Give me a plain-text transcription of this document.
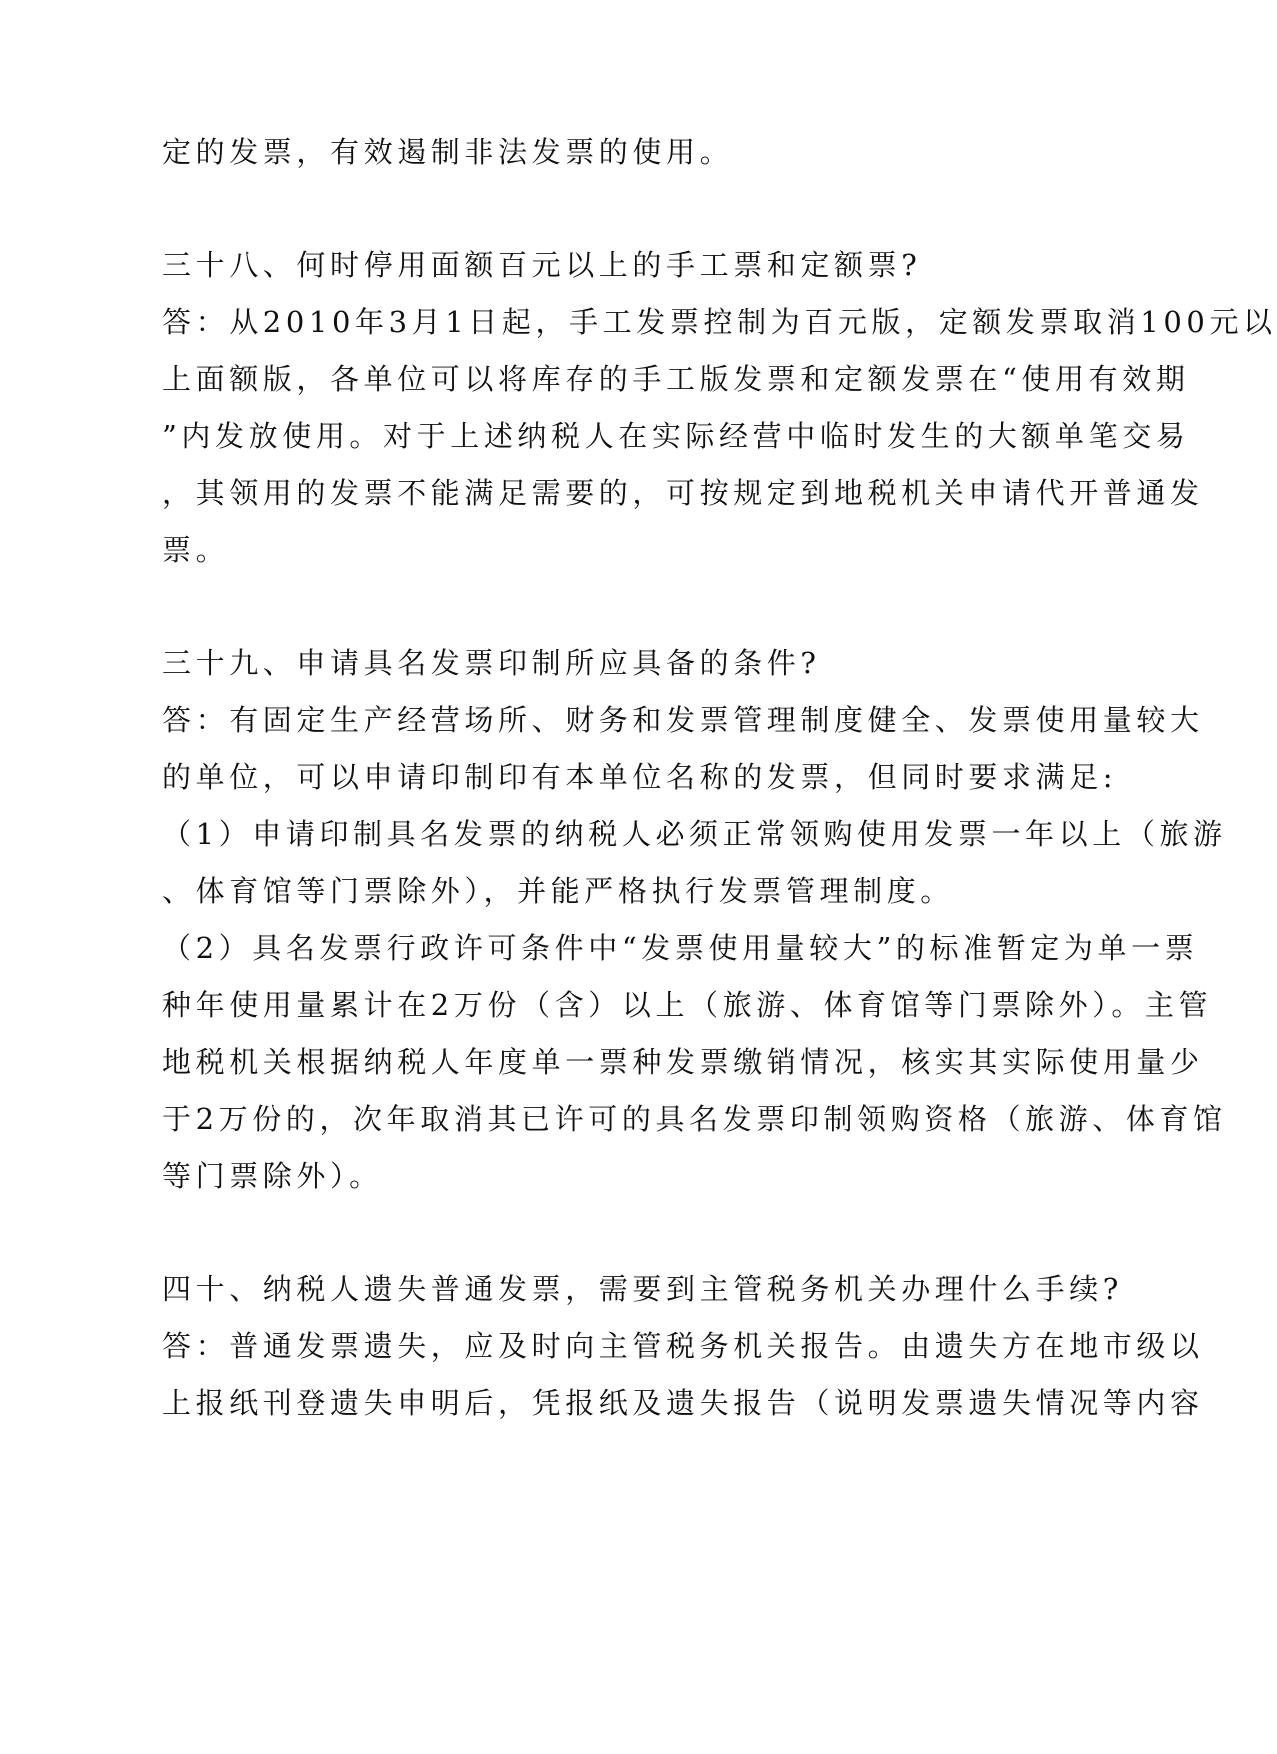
定的发票，有效遏制非法发票的使用。
三十八、何时停用面额百元以上的手工票和定额票?
答：从2010年3月1日起，手工发票控制为百元版，定额发票取消100元以
上面额版，各单位可以将库存的手工版发票和定额发票在“使用有效期
”内发放使用。对于上述纳税人在实际经营中临时发生的大额单笔交易
，其领用的发票不能满足需要的，可按规定到地税机关申请代开普通发
票。
三十九、申请具名发票印制所应具备的条件?
答：有固定生产经营场所、财务和发票管理制度健全、发票使用量较大
的单位，可以申请印制印有本单位名称的发票，但同时要求满足:
（1）申请印制具名发票的纳税人必须正常领购使用发票一年以上（旅游
、体育馆等门票除外），并能严格执行发票管理制度。
（2）具名发票行政许可条件中“发票使用量较大”的标准暂定为单一票
种年使用量累计在2万份（含）以上（旅游、体育馆等门票除外）。主管
地税机关根据纳税人年度单一票种发票缴销情况，核实其实际使用量少
于2万份的，次年取消其已许可的具名发票印制领购资格（旅游、体育馆
等门票除外）。
四十、纳税人遗失普通发票，需要到主管税务机关办理什么手续?
答：普通发票遗失，应及时向主管税务机关报告。由遗失方在地市级以
上报纸刊登遗失申明后，凭报纸及遗失报告（说明发票遗失情况等内容
